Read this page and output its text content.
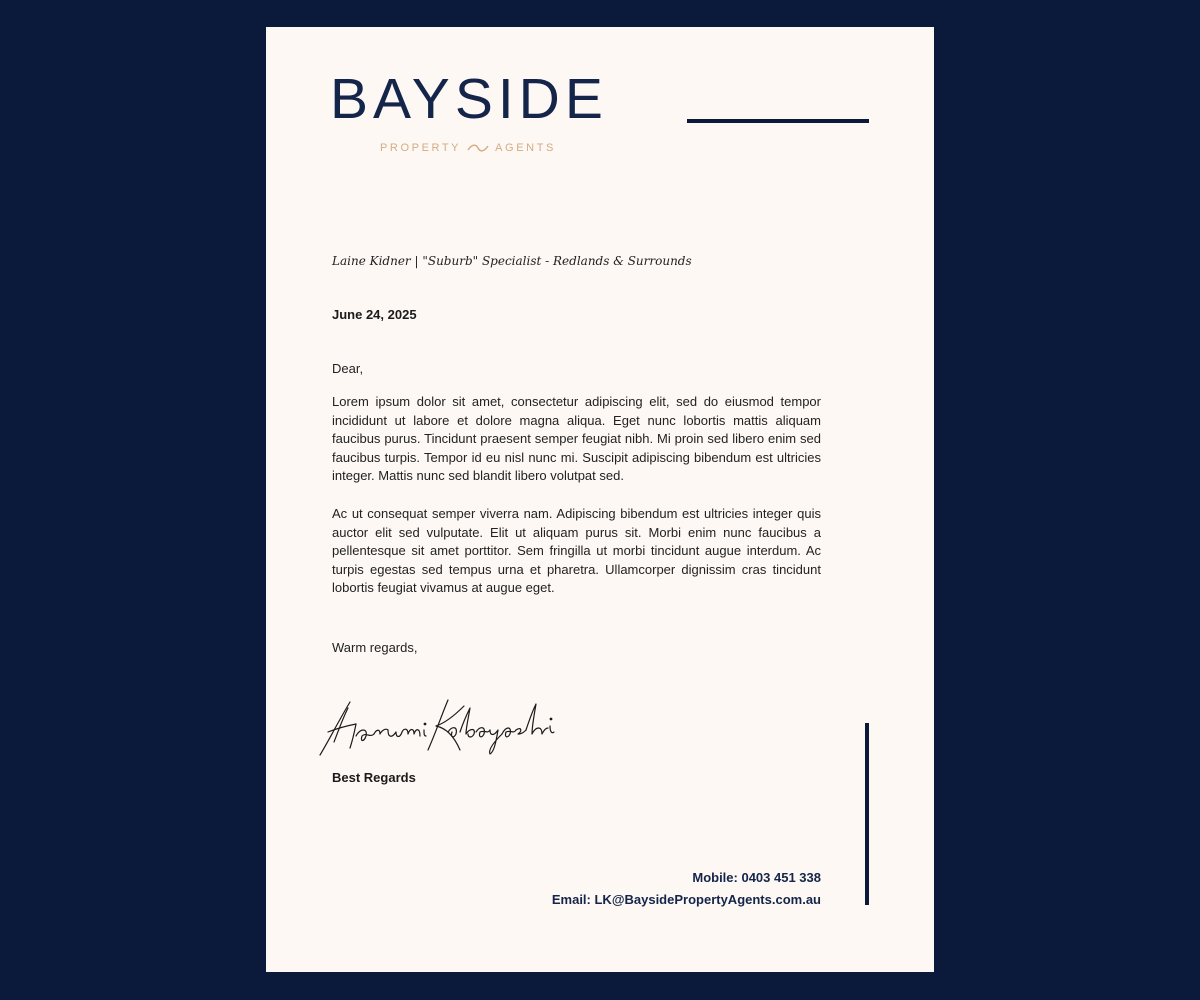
BAYSIDE
PROPERTY	AGENTS
Laine Kidner | "Suburb" Specialist - Redlands & Surrounds
June 24, 2025
Dear,
Lorem ipsum dolor sit amet, consectetur adipiscing elit, sed do eiusmod tempor incididunt ut labore et dolore magna aliqua. Eget nunc lobortis mattis aliquam faucibus purus. Tincidunt praesent semper feugiat nibh. Mi proin sed libero enim sed faucibus turpis. Tempor id eu nisl nunc mi. Suscipit adipiscing bibendum est ultricies integer. Mattis nunc sed blandit libero volutpat sed.
Ac ut consequat semper viverra nam. Adipiscing bibendum est ultricies integer quis auctor elit sed vulputate. Elit ut aliquam purus sit. Morbi enim nunc faucibus a pellentesque sit amet porttitor. Sem fringilla ut morbi tincidunt augue interdum. Ac turpis egestas sed tempus urna et pharetra. Ullamcorper dignissim cras tincidunt lobortis feugiat vivamus at augue eget.
Warm regards,
Best Regards
Mobile: 0403 451 338
Email: LK@BaysidePropertyAgents.com.au
